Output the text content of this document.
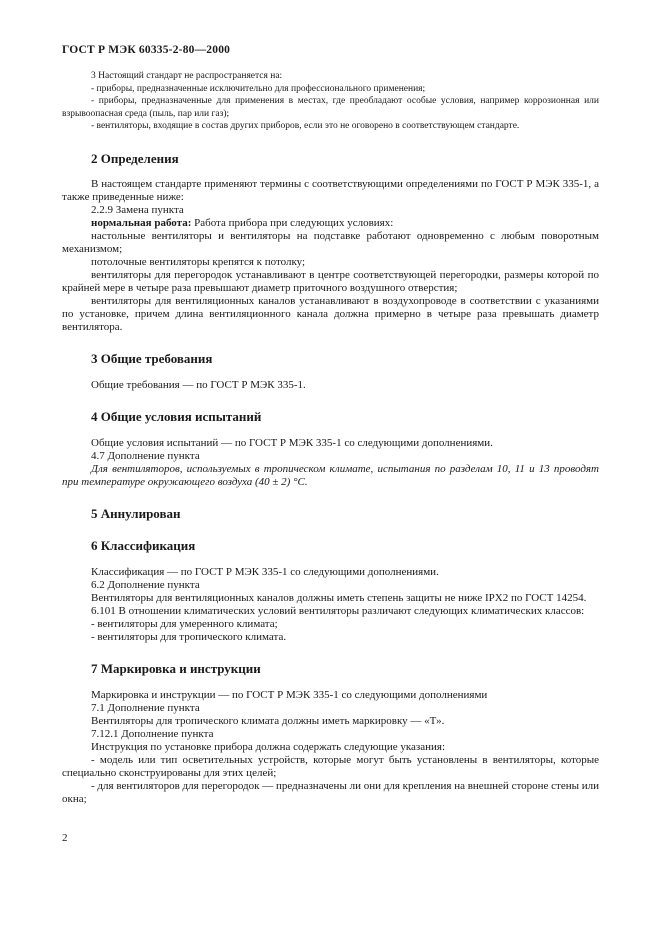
ГОСТ Р МЭК 60335-2-80—2000

3 Настоящий стандарт не распространяется на:

- приборы, предназначенные исключительно для профессионального применения;

- приборы, предназначенные для применения в местах, где преобладают особые условия, например коррозионная или взрывоопасная среда (пыль, пар или газ);

- вентиляторы, входящие в состав других приборов, если это не оговорено в соответствующем стандарте.

2 Определения

В настоящем стандарте применяют термины с соответствующими определениями по ГОСТ Р МЭК 335-1, а также приведенные ниже:

2.2.9 Замена пункта

нормальная работа: Работа прибора при следующих условиях:

настольные вентиляторы и вентиляторы на подставке работают одновременно с любым поворотным механизмом;

потолочные вентиляторы крепятся к потолку;

вентиляторы для перегородок устанавливают в центре соответствующей перегородки, размеры которой по крайней мере в четыре раза превышают диаметр приточного воздушного отверстия;

вентиляторы для вентиляционных каналов устанавливают в воздухопроводе в соответствии с указаниями по установке, причем длина вентиляционного канала должна примерно в четыре раза превышать диаметр вентилятора.

3 Общие требования

Общие требования — по ГОСТ Р МЭК 335-1.

4 Общие условия испытаний

Общие условия испытаний — по ГОСТ Р МЭК 335-1 со следующими дополнениями.

4.7 Дополнение пункта

Для вентиляторов, используемых в тропическом климате, испытания по разделам 10, 11 и 13 проводят при температуре окружающего воздуха (40 ± 2) °С.

5 Аннулирован
6 Классификация

Классификация — по ГОСТ Р МЭК 335-1 со следующими дополнениями.

6.2 Дополнение пункта

Вентиляторы для вентиляционных каналов должны иметь степень защиты не ниже IPX2 по ГОСТ 14254.

6.101 В отношении климатических условий вентиляторы различают следующих климатических классов:

- вентиляторы для умеренного климата;

- вентиляторы для тропического климата.

7 Маркировка и инструкции

Маркировка и инструкции — по ГОСТ Р МЭК 335-1 со следующими дополнениями

7.1 Дополнение пункта

Вентиляторы для тропического климата должны иметь маркировку — «Т».

7.12.1 Дополнение пункта

Инструкция по установке прибора должна содержать следующие указания:

- модель или тип осветительных устройств, которые могут быть установлены в вентиляторы, которые специально сконструированы для этих целей;

- для вентиляторов для перегородок — предназначены ли они для крепления на внешней стороне стены или окна;

2
